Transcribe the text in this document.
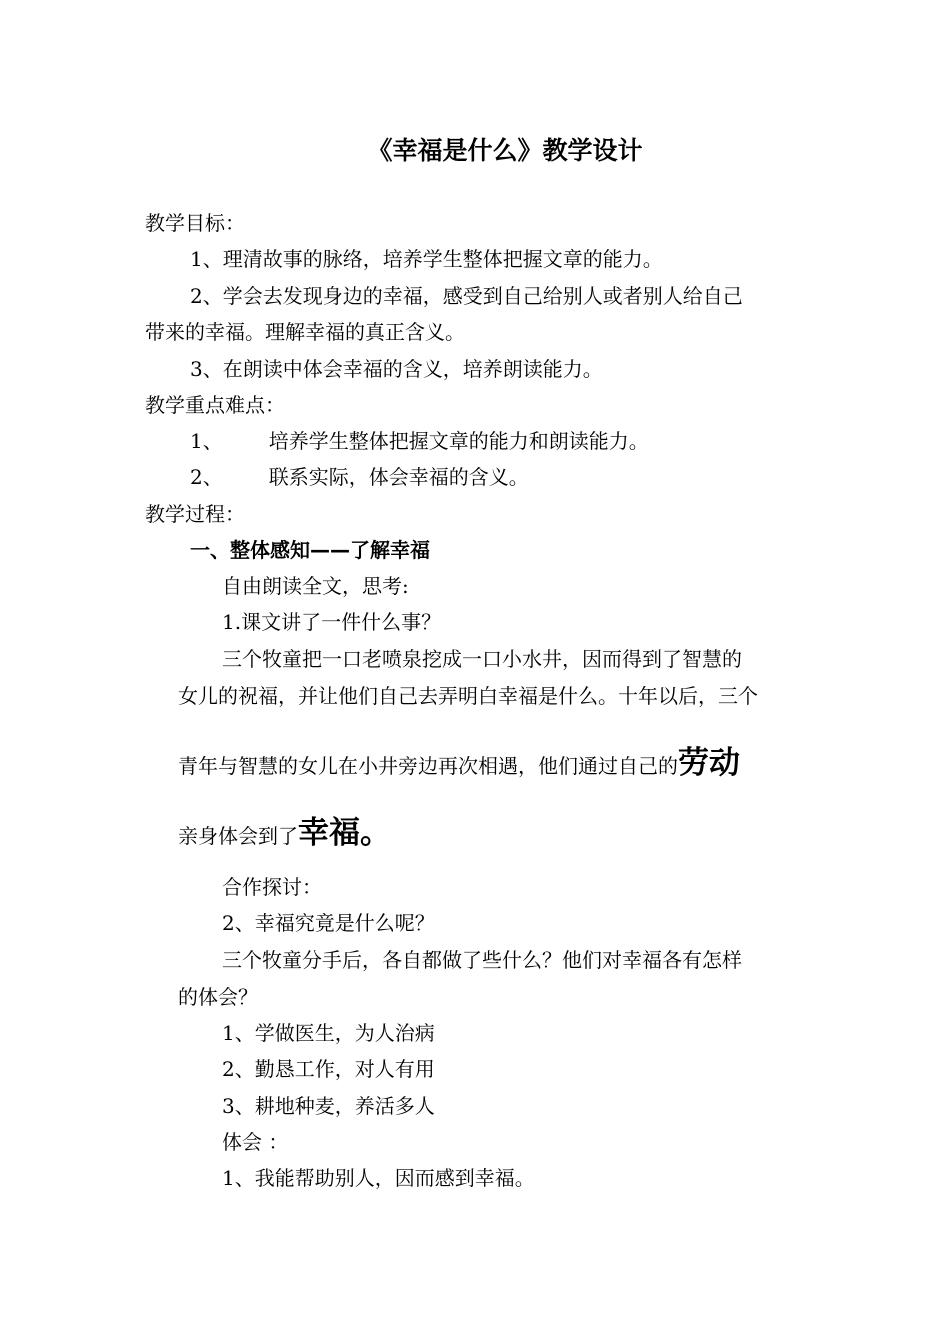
《幸福是什么》教学设计
教学目标：
1、理清故事的脉络，培养学生整体把握文章的能力。
2、学会去发现身边的幸福，感受到自己给别人或者别人给自己
带来的幸福。理解幸福的真正含义。
3、在朗读中体会幸福的含义，培养朗读能力。
教学重点难点：
1、 培养学生整体把握文章的能力和朗读能力。
2、 联系实际，体会幸福的含义。
教学过程：
一、整体感知——了解幸福
自由朗读全文，思考:
1.课文讲了一件什么事？
三个牧童把一口老喷泉挖成一口小水井，因而得到了智慧的
女儿的祝福，并让他们自己去弄明白幸福是什么。十年以后，三个
青年与智慧的女儿在小井旁边再次相遇，他们通过自己的劳动
亲身体会到了幸福。
合作探讨：
2、幸福究竟是什么呢？
三个牧童分手后，各自都做了些什么？他们对幸福各有怎样
的体会？
1、学做医生，为人治病
2、勤恳工作，对人有用
3、耕地种麦，养活多人
体会 ：
1、我能帮助别人，因而感到幸福。
